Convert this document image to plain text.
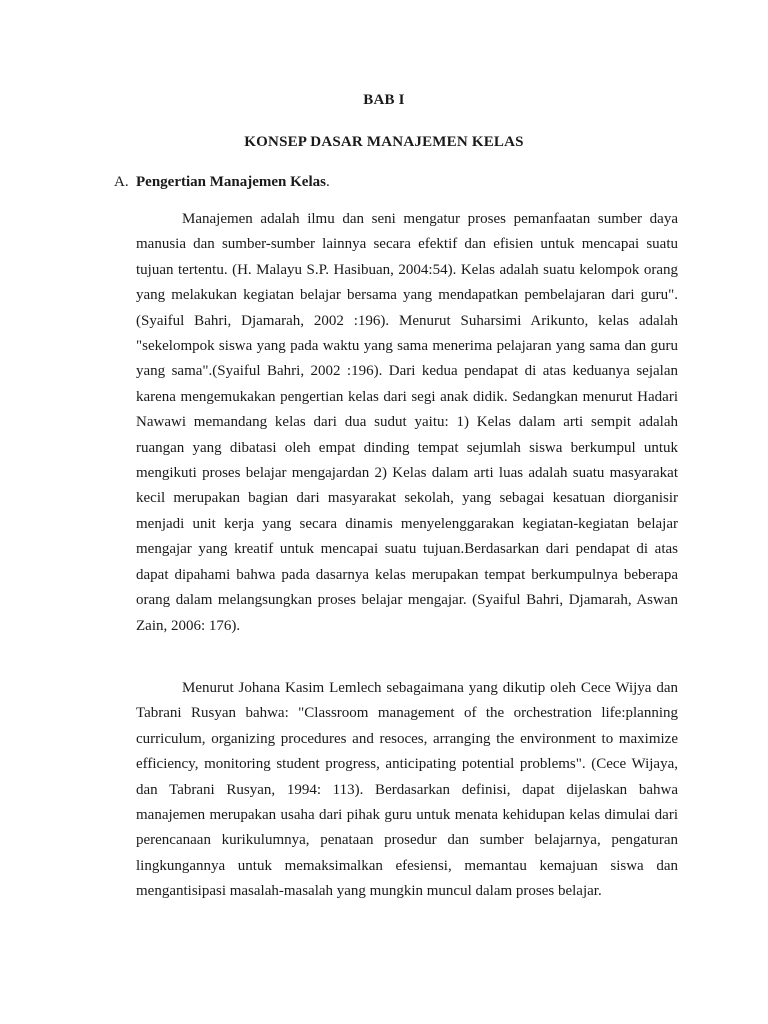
BAB I
KONSEP DASAR MANAJEMEN KELAS
A. Pengertian Manajemen Kelas.

Manajemen adalah ilmu dan seni mengatur proses pemanfaatan sumber daya manusia dan sumber-sumber lainnya secara efektif dan efisien untuk mencapai suatu tujuan tertentu. (H. Malayu S.P. Hasibuan, 2004:54). Kelas adalah suatu kelompok orang yang melakukan kegiatan belajar bersama yang mendapatkan pembelajaran dari guru". (Syaiful Bahri, Djamarah, 2002 :196). Menurut Suharsimi Arikunto, kelas adalah "sekelompok siswa yang pada waktu yang sama menerima pelajaran yang sama dan guru yang sama".(Syaiful Bahri, 2002 :196). Dari kedua pendapat di atas keduanya sejalan karena mengemukakan pengertian kelas dari segi anak didik. Sedangkan menurut Hadari Nawawi memandang kelas dari dua sudut yaitu: 1) Kelas dalam arti sempit adalah ruangan yang dibatasi oleh empat dinding tempat sejumlah siswa berkumpul untuk mengikuti proses belajar mengajardan 2) Kelas dalam arti luas adalah suatu masyarakat kecil merupakan bagian dari masyarakat sekolah, yang sebagai kesatuan diorganisir menjadi unit kerja yang secara dinamis menyelenggarakan kegiatan-kegiatan belajar mengajar yang kreatif untuk mencapai suatu tujuan.Berdasarkan dari pendapat di atas dapat dipahami bahwa pada dasarnya kelas merupakan tempat berkumpulnya beberapa orang dalam melangsungkan proses belajar mengajar. (Syaiful Bahri, Djamarah, Aswan Zain, 2006: 176).

Menurut Johana Kasim Lemlech sebagaimana yang dikutip oleh Cece Wijya dan Tabrani Rusyan bahwa: "Classroom management of the orchestration life:planning curriculum, organizing procedures and resoces, arranging the environment to maximize efficiency, monitoring student progress, anticipating potential problems". (Cece Wijaya, dan Tabrani Rusyan, 1994: 113). Berdasarkan definisi, dapat dijelaskan bahwa manajemen merupakan usaha dari pihak guru untuk menata kehidupan kelas dimulai dari perencanaan kurikulumnya, penataan prosedur dan sumber belajarnya, pengaturan lingkungannya untuk memaksimalkan efesiensi, memantau kemajuan siswa dan mengantisipasi masalah-masalah yang mungkin muncul dalam proses belajar.
